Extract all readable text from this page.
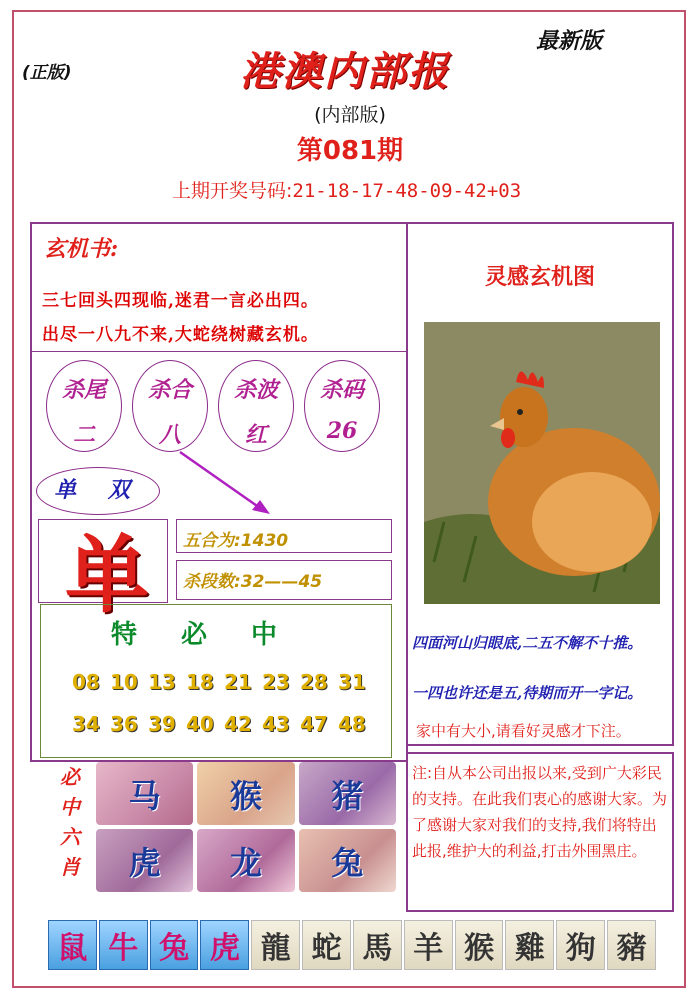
(正版)
最新版
港澳内部报
(内部版)
第081期
上期开奖号码:21-18-17-48-09-42+03
玄机书:
三七回头四现临,迷君一言必出四。
出尽一八九不来,大蛇绕树藏玄机。
杀尾
二
杀合
八
杀波
红
杀码
26
单 双
单 五合为:1430
杀段数:32——45
特必中
08 10 13 18 21 23 28 31
34 36 39 40 42 43 47 48
必
中
六
肖
马	猴	猪
虎	龙	兔
灵感玄机图
四面河山归眼底,二五不解不十推。
一四也许还是五,待期而开一字记。
家中有大小,请看好灵感才下注。
注:自从本公司出报以来,受到广大彩民的支持。在此我们衷心的感谢大家。为了感谢大家对我们的支持,我们将特出此报,维护大的利益,打击外围黑庄。
鼠 牛 兔 虎 龍 蛇 馬 羊 猴 雞 狗 豬
